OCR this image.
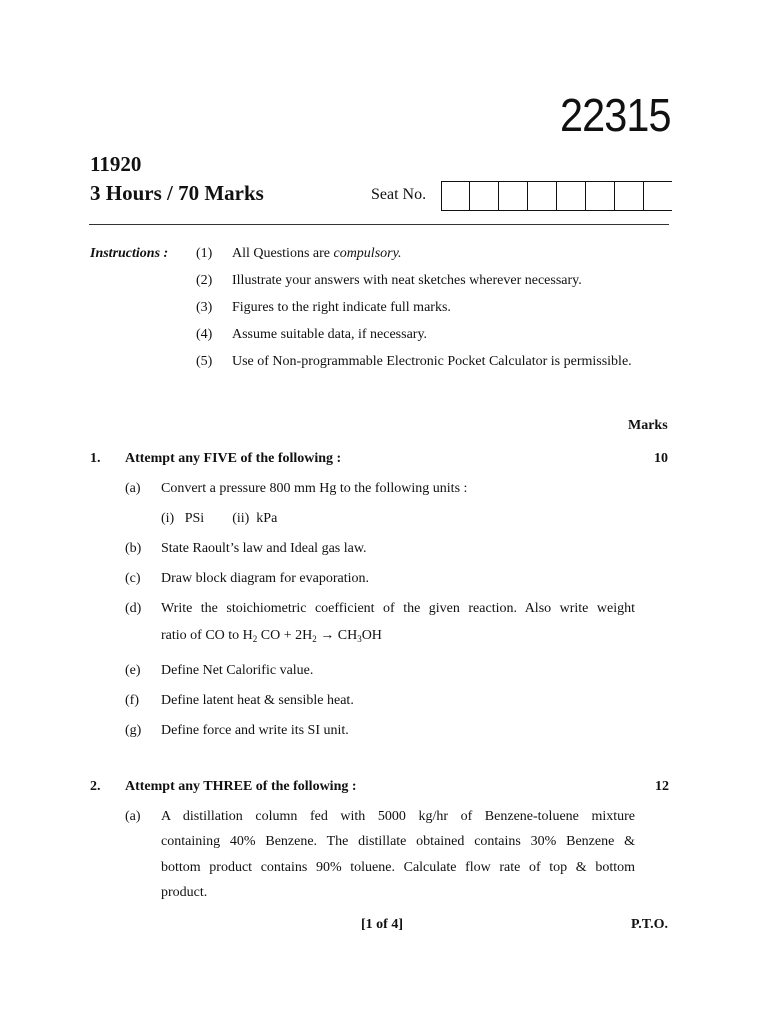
22315
11920
3 Hours / 70 Marks	Seat No.
Instructions : (1) All Questions are compulsory.
(2) Illustrate your answers with neat sketches wherever necessary.
(3) Figures to the right indicate full marks.
(4) Assume suitable data, if necessary.
(5) Use of Non-programmable Electronic Pocket Calculator is permissible.
Marks
1. Attempt any FIVE of the following :	10
(a) Convert a pressure 800 mm Hg to the following units :
(i) PSi (ii) kPa
(b) State Raoult’s law and Ideal gas law.
(c) Draw block diagram for evaporation.
(d) Write the stoichiometric coefficient of the given reaction. Also write weight
ratio of CO to $H_2$ CO + $2H_2 \to CH_3OH$
(e) Define Net Calorific value.
(f) Define latent heat & sensible heat.
(g) Define force and write its SI unit.
2. Attempt any THREE of the following :	12
(a) A distillation column fed with 5000 kg/hr of Benzene-toluene mixture
containing 40% Benzene. The distillate obtained contains 30% Benzene &
bottom product contains 90% toluene. Calculate flow rate of top & bottom
product.
[1 of 4]	P.T.O.
